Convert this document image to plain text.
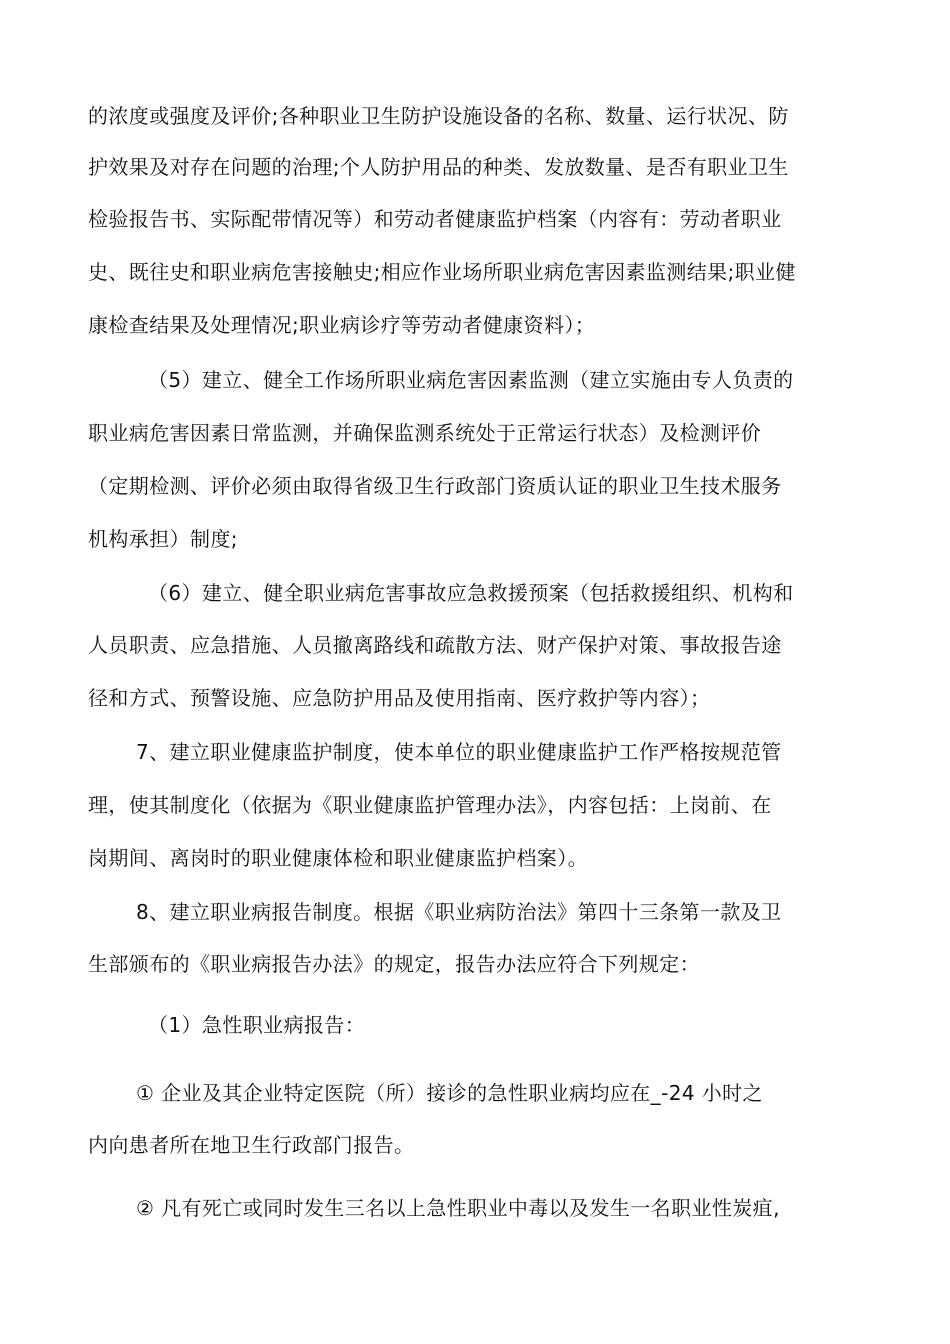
的浓度或强度及评价;各种职业卫生防护设施设备的名称、数量、运行状况、防
护效果及对存在问题的治理;个人防护用品的种类、发放数量、是否有职业卫生
检验报告书、实际配带情况等）和劳动者健康监护档案（内容有：劳动者职业
史、既往史和职业病危害接触史;相应作业场所职业病危害因素监测结果;职业健
康检查结果及处理情况;职业病诊疗等劳动者健康资料）；
（5）建立、健全工作场所职业病危害因素监测（建立实施由专人负责的
职业病危害因素日常监测，并确保监测系统处于正常运行状态）及检测评价
（定期检测、评价必须由取得省级卫生行政部门资质认证的职业卫生技术服务
机构承担）制度;
（6）建立、健全职业病危害事故应急救援预案（包括救援组织、机构和
人员职责、应急措施、人员撤离路线和疏散方法、财产保护对策、事故报告途
径和方式、预警设施、应急防护用品及使用指南、医疗救护等内容）；
7、建立职业健康监护制度，使本单位的职业健康监护工作严格按规范管
理，使其制度化（依据为《职业健康监护管理办法》，内容包括：上岗前、在
岗期间、离岗时的职业健康体检和职业健康监护档案）。
8、建立职业病报告制度。根据《职业病防治法》第四十三条第一款及卫
生部颁布的《职业病报告办法》的规定，报告办法应符合下列规定：
（1）急性职业病报告：
① 企业及其企业特定医院（所）接诊的急性职业病均应在_-24 小时之
内向患者所在地卫生行政部门报告。
② 凡有死亡或同时发生三名以上急性职业中毒以及发生一名职业性炭疽,
